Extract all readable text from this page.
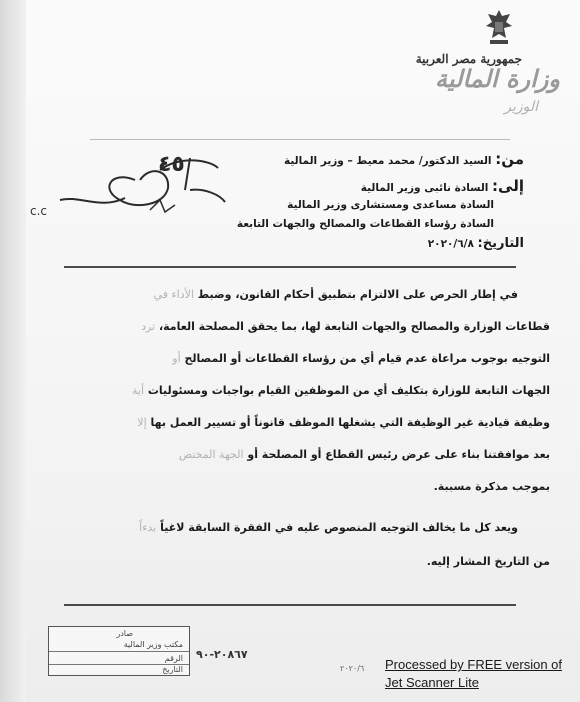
جمهورية مصر العربية
وزارة المالية
الوزير
من: السيد الدكتور/ محمد معيط – وزير المالية
إلى: السادة نائبى وزير المالية
السادة مساعدى ومستشارى وزير المالية
السادة رؤساء القطاعات والمصالح والجهات التابعة
التاريخ: ٢٠٢٠/٦/٨
٤٥
c.c
في إطار الحرص على الالتزام بتطبيق أحكام القانون، وضبط الأداء في
قطاعات الوزارة والمصالح والجهات التابعة لها، بما يحقق المصلحة العامة، ترد
التوجيه بوجوب مراعاة عدم قيام أي من رؤساء القطاعات أو المصالح أو
الجهات التابعة للوزارة بتكليف أي من الموظفين القيام بواجبات ومسئوليات أية
وظيفة قيادية غير الوظيفة التي يشغلها الموظف قانوناً أو تسيير العمل بها إلا
بعد موافقتنا بناء على عرض رئيس القطاع أو المصلحة أو الجهة المختص
بموجب مذكرة مسببة.
ويعد كل ما يخالف التوجيه المنصوص عليه في الفقرة السابقة لاغياً بدءاً
من التاريخ المشار إليه.
صادر
مكتب وزير المالية
الرقم
التاريخ
٢٠٨٦٧-٩٠
٢٠٢٠/٦ Processed by FREE version of
Jet Scanner Lite
